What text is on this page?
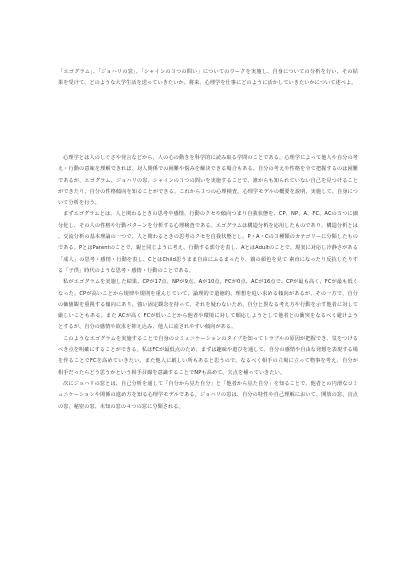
「エゴグラム」、「ジョハリの窓」、「シャインの３つの問い」についてのワークを実施し、自身についての分析を行い、その結 果を受けて、どのような大学生活を送っていきたいか、将来、心理学を仕事にどのように活かしていきたいかについて述べよ。

心理学とは人のしぐさや発言などから、人の心の動きを科学的に読み取る学問のことである。心理学によって他人や自分の考え・行動の意味を理解できれば、対人関係での困難や悩みを解決できる場合もある。自分の考えや性格を全て把握するのは困難であるが、エゴグラム、ジョハリの窓、シャインの３つの問いを実施することで、誰からも知られていない自己を見つけることができたり、自分の性格傾向を知ることができる。これから３つの心理検査、心理学モデルの概要を説明、実施して、自身について分析を行う。

まずエゴグラムとは、人と関わるときの思考や感情、行動のクセや傾向つまり自我状態を、CP、NP、A、FC、ACの５つに細分化し、その人の性格や行動パターンを分析する心理検査である。エゴグラムは構造分析を応用したものであり、構造分析とは、交流分析の基本理論の一つで、人と関わるときの思考のクセを自我状態とし、P・A・Cの３種類のカテゴリーに分類したものである。PとはParentのことで、親と同じように考え、行動する部分を表し、AとはAdultのことで、現実に対応し冷静さがある「成人」の思考・感情・行動を表し、CとはChild思うまま自由にふるまったり、親の顔色を見て 素直になったり反抗したりする「子供」時代のような思考・感情・行動のことである。

私がエゴグラムを実施した結果、CPが17点、NPが9点、Aが10点、FCが0点、ACが16点で、CPが最も高く、FCが最も低くなった。CPが高いことから規律や規則を重んじていて、論理的で道徳的、理想を追い求める傾向があるが、その一方で、自分の価値観を重視する傾向にあり、強い固定観念を持って、それを疑わないため、自分と異なる考え方や行動を示す他者に対して厳しいこともある。また ACが高く FCが低いことから他者や環境に対して順応しようとして他者との衝突をなるべく避けようとするが、自分の感情や欲求を抑え込み、他人に流されやすい傾向がある。

このようなエゴグラムを実施することで自身のコミュニケーションのタイプを知ってトラブルの原因が把握でき、気をつけるべき点を明確にすることができる。私はFCが最低点のため、まずは趣味や遊びを通して、自分の感情や自由な発想を表現する場を作ることでFCを高めていきたい。また他人に厳しい所もあると思うので、なるべく相手の立場に立って物事を考え、自分が相手だったらどう思うかという相手目線を意識することでNPも高めて、欠点を補っていきたい。

次にジョハリの窓とは、自己分析を通して「自分から見た自分」と「他者から見た自分」を知ることで、他者との円滑なコミュニケーションや関係の進め方を知る心理学モデルである。ジョハリの窓は、自分の特性や自己理解において、開放の窓、盲点の窓、秘密の窓、未知の窓の４つの窓に分類される。
